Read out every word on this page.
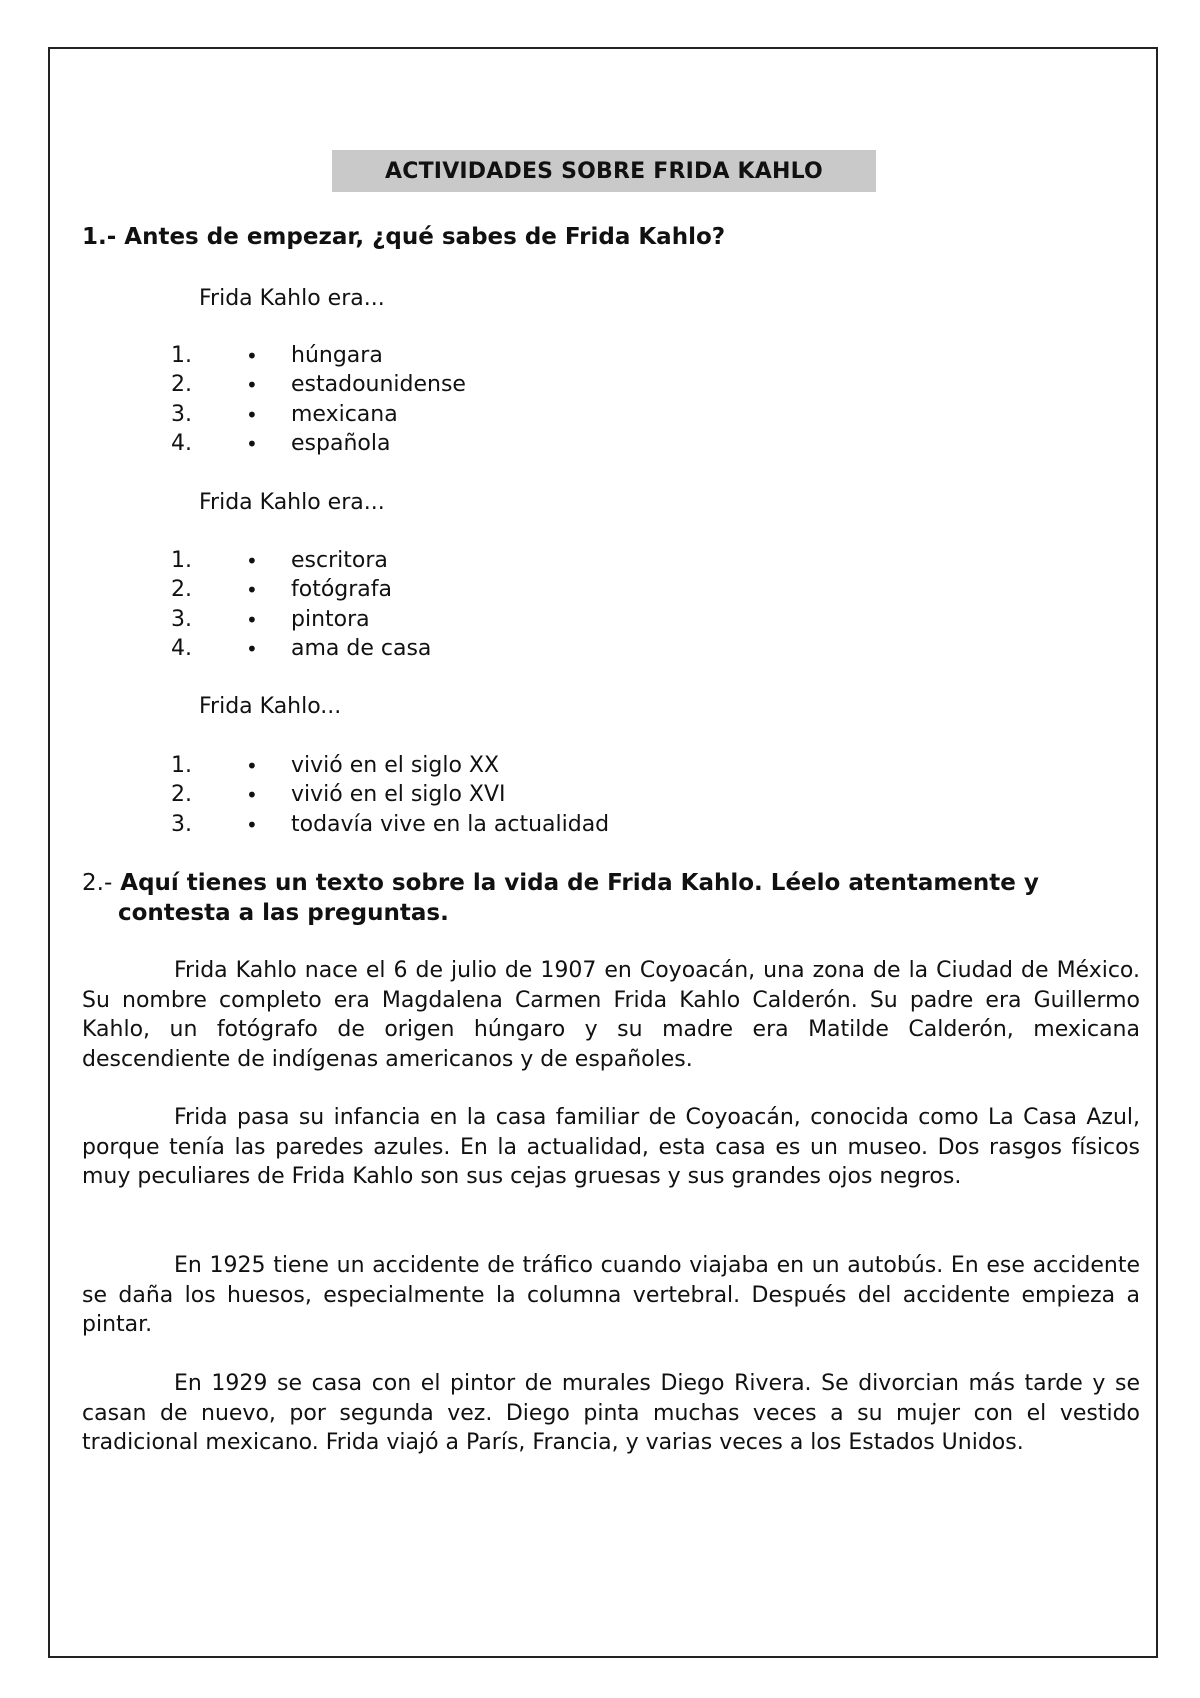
ACTIVIDADES SOBRE FRIDA KAHLO
1.- Antes de empezar, ¿qué sabes de Frida Kahlo?
Frida Kahlo era...
1.	•	húngara
2.	•	estadounidense
3.	•	mexicana
4.	•	española
Frida Kahlo era...
1.	•	escritora
2.	•	fotógrafa
3.	•	pintora
4.	•	ama de casa
Frida Kahlo...
1.	•	vivió en el siglo XX
2.	•	vivió en el siglo XVI
3.	•	todavía vive en la actualidad
2.- Aquí tienes un texto sobre la vida de Frida Kahlo. Léelo atentamente y
contesta a las preguntas.
Frida Kahlo nace el 6 de julio de 1907 en Coyoacán, una zona de la Ciudad de México. Su nombre completo era Magdalena Carmen Frida Kahlo Calderón. Su padre era Guillermo Kahlo, un fotógrafo de origen húngaro y su madre era Matilde Calderón, mexicana descendiente de indígenas americanos y de españoles.
Frida pasa su infancia en la casa familiar de Coyoacán, conocida como La Casa Azul, porque tenía las paredes azules. En la actualidad, esta casa es un museo. Dos rasgos físicos muy peculiares de Frida Kahlo son sus cejas gruesas y sus grandes ojos negros.
En 1925 tiene un accidente de tráfico cuando viajaba en un autobús. En ese accidente se daña los huesos, especialmente la columna vertebral. Después del accidente empieza a pintar.
En 1929 se casa con el pintor de murales Diego Rivera. Se divorcian más tarde y se casan de nuevo, por segunda vez. Diego pinta muchas veces a su mujer con el vestido tradicional mexicano. Frida viajó a París, Francia, y varias veces a los Estados Unidos.
